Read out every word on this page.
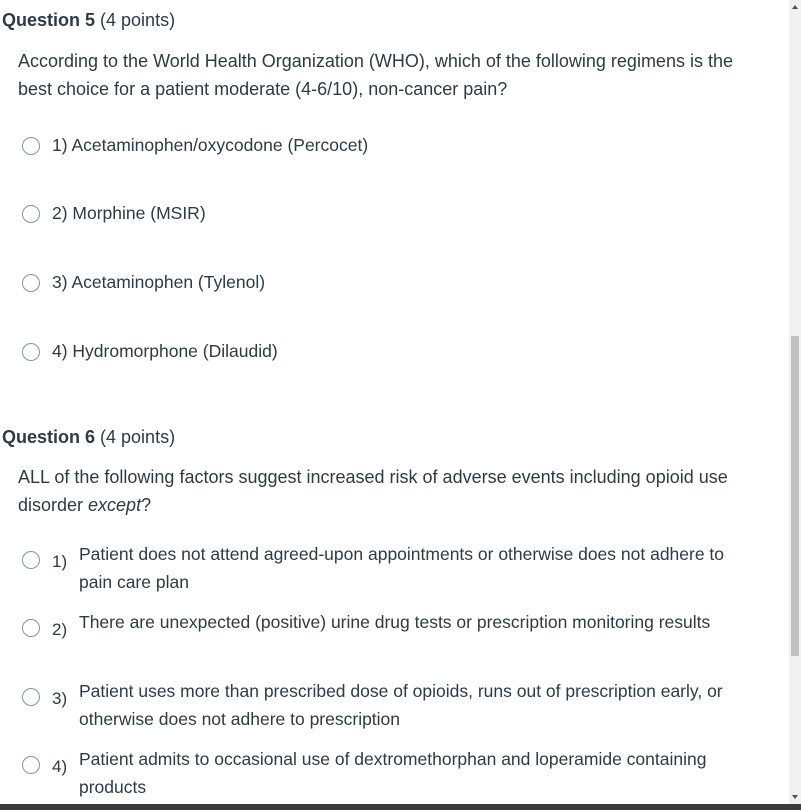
Question 5 (4 points)
According to the World Health Organization (WHO), which of the following regimens is the best choice for a patient moderate (4-6/10), non-cancer pain?
1) Acetaminophen/oxycodone (Percocet)
2) Morphine (MSIR)
3) Acetaminophen (Tylenol)
4) Hydromorphone (Dilaudid)
Question 6 (4 points)
ALL of the following factors suggest increased risk of adverse events including opioid use disorder except?
1) Patient does not attend agreed-upon appointments or otherwise does not adhere to pain care plan
2) There are unexpected (positive) urine drug tests or prescription monitoring results
3) Patient uses more than prescribed dose of opioids, runs out of prescription early, or otherwise does not adhere to prescription
4) Patient admits to occasional use of dextromethorphan and loperamide containing products
